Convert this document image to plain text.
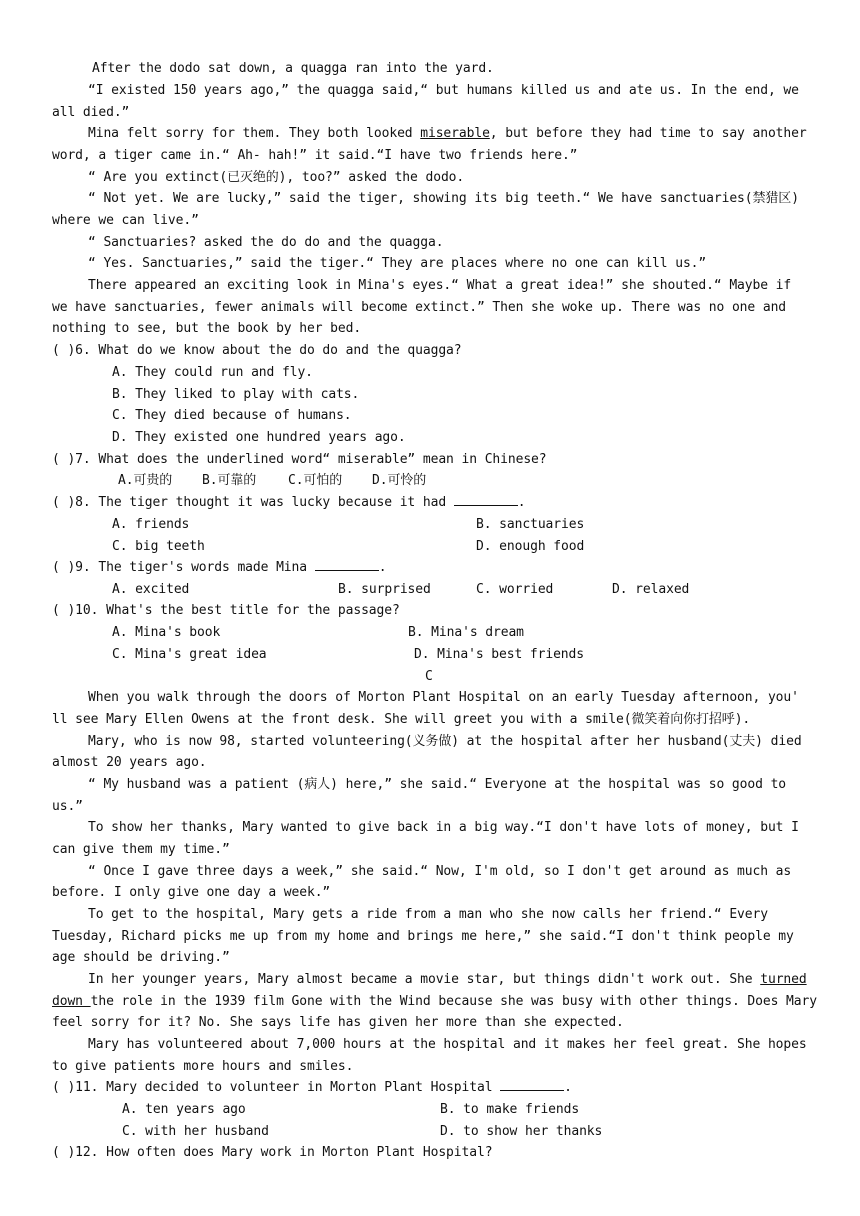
After the dodo sat down, a quagga ran into the yard.
“I existed 150 years ago,” the quagga said,“ but humans killed us and ate us. In the end, we
all died.”
Mina felt sorry for them. They both looked miserable, but before they had time to say another
word, a tiger came in.“ Ah- hah!” it said.“I have two friends here.”
“ Are you extinct(已灭绝的), too?” asked the dodo.
“ Not yet. We are lucky,” said the tiger, showing its big teeth.“ We have sanctuaries(禁猎区)
where we can live.”
“ Sanctuaries? asked the do do and the quagga.
“ Yes. Sanctuaries,” said the tiger.“ They are places where no one can kill us.”
There appeared an exciting look in Mina's eyes.“ What a great idea!” she shouted.“ Maybe if
we have sanctuaries, fewer animals will become extinct.” Then she woke up. There was no one and
nothing to see, but the book by her bed.
( )6. What do we know about the do do and the quagga?
A. They could run and fly.
B. They liked to play with cats.
C. They died because of humans.
D. They existed one hundred years ago.
( )7. What does the underlined word“ miserable” mean in Chinese?
A.可贵的	B.可靠的	C.可怕的	D.可怜的
( )8. The tiger thought it was lucky because it had	.
A. friends	B. sanctuaries
C. big teeth	D. enough food
( )9. The tiger's words made Mina	.
A. excited	B. surprised	C. worried	D. relaxed
( )10. What's the best title for the passage?
A. Mina's book	B. Mina's dream
C. Mina's great idea	D. Mina's best friends
C
When you walk through the doors of Morton Plant Hospital on an early Tuesday afternoon, you'
ll see Mary Ellen Owens at the front desk. She will greet you with a smile(微笑着向你打招呼).
Mary, who is now 98, started volunteering(义务做) at the hospital after her husband(丈夫) died
almost 20 years ago.
“ My husband was a patient (病人) here,” she said.“ Everyone at the hospital was so good to
us.”
To show her thanks, Mary wanted to give back in a big way.“I don't have lots of money, but I
can give them my time.”
“ Once I gave three days a week,” she said.“ Now, I'm old, so I don't get around as much as
before. I only give one day a week.”
To get to the hospital, Mary gets a ride from a man who she now calls her friend.“ Every
Tuesday, Richard picks me up from my home and brings me here,” she said.“I don't think people my
age should be driving.”
In her younger years, Mary almost became a movie star, but things didn't work out. She turned
down the role in the 1939 film Gone with the Wind because she was busy with other things. Does Mary
feel sorry for it? No. She says life has given her more than she expected.
Mary has volunteered about 7,000 hours at the hospital and it makes her feel great. She hopes
to give patients more hours and smiles.
( )11. Mary decided to volunteer in Morton Plant Hospital	.
A. ten years ago	B. to make friends
C. with her husband	D. to show her thanks
( )12. How often does Mary work in Morton Plant Hospital?
